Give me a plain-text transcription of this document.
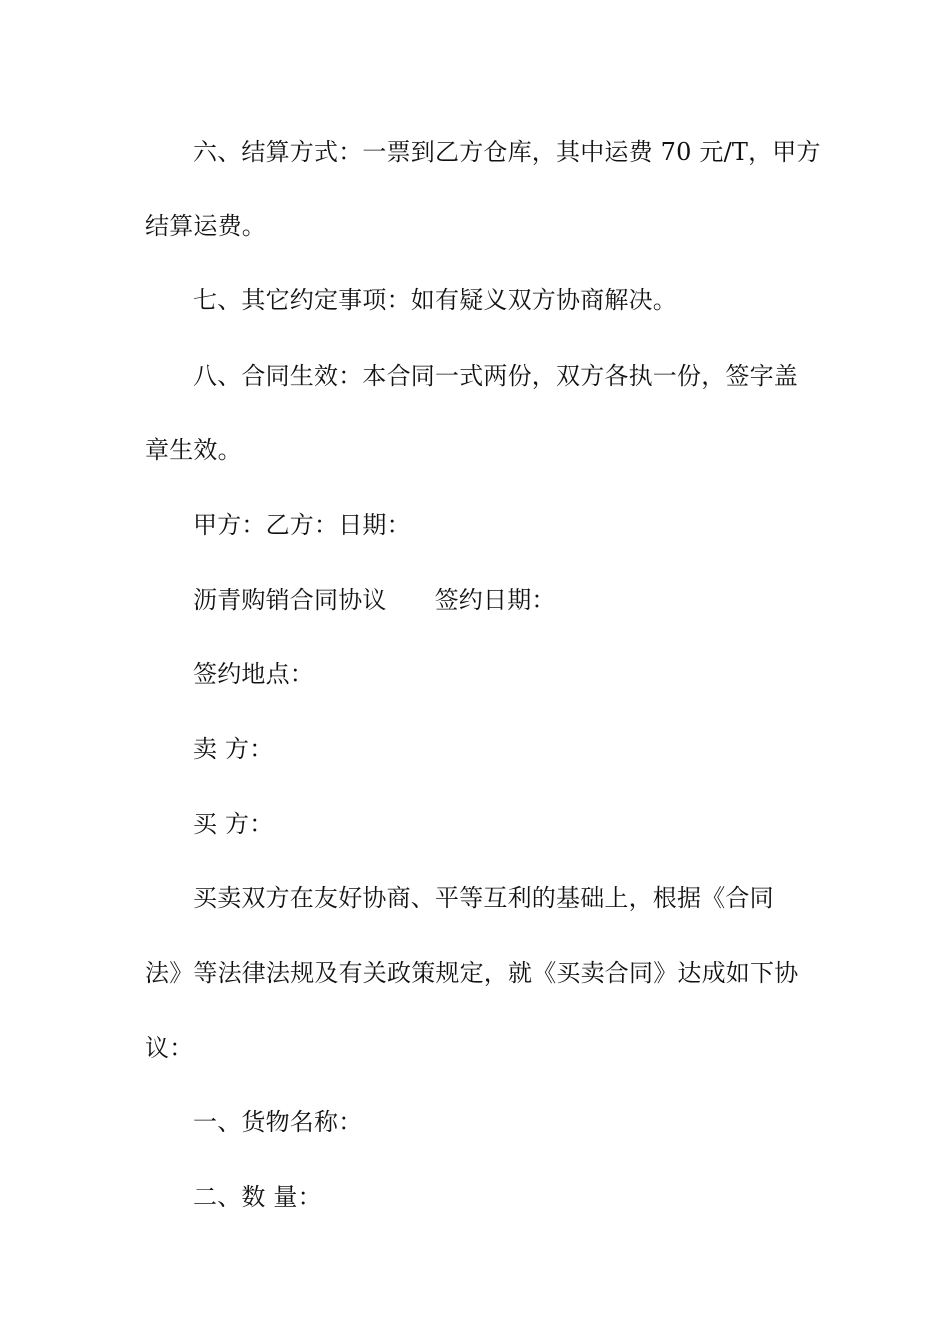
六、结算方式：一票到乙方仓库，其中运费 70 元/T，甲方
结算运费。
七、其它约定事项：如有疑义双方协商解决。
八、合同生效：本合同一式两份，双方各执一份，签字盖
章生效。
甲方：乙方：日期：
沥青购销合同协议 签约日期：
签约地点：
卖 方：
买 方：
买卖双方在友好协商、平等互利的基础上，根据《合同
法》等法律法规及有关政策规定，就《买卖合同》达成如下协
议：
一、货物名称：
二、数 量：
